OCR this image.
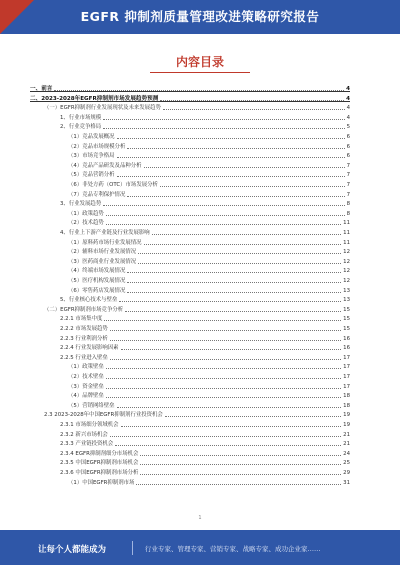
EGFR 抑制剂质量管理改进策略研究报告
内容目录
一、前言	4
二、2023-2028年EGFR抑制剂市场发展趋势预测	4
（一）EGFR抑制剂行业发展现状及未来发展趋势	4
1、行业市场规模	4
2、行业竞争格局	5
（1）竞品发展概况	6
（2）竞品市场规模分析	6
（3）市场竞争格局	6
（4）竞品产品研发及品种分析	7
（5）竞品营销分析	7
（6）非处方药（OTC）市场发展分析	7
（7）竞品专利保护情况	7
3、行业发展趋势	8
（1）政策趋势	8
（2）技术趋势	11
4、行业上下游产业链及行业发展影响	11
（1）原料药市场行业发展情况	11
（2）辅料市场行业发展情况	12
（3）医药商业行业发展情况	12
（4）终端市场发展情况	12
（5）医疗机构发展情况	12
（6）零售药店发展情况	13
5、行业核心技术与壁垒	13
（二）EGFR抑制剂市场竞争分析	15
2.2.1 市场集中度	15
2.2.2 市场发展趋势	15
2.2.3 行业利润分析	16
2.2.4 行业发展影响因素	16
2.2.5 行业进入壁垒	17
（1）政策壁垒	17
（2）技术壁垒	17
（3）资金壁垒	17
（4）品牌壁垒	18
（5）营销网络壁垒	18
2.3 2023-2028年中国EGFR抑制剂行业投资机会	19
2.3.1 市场细分领域机会	19
2.3.2 新兴市场机会	21
2.3.3 产业链投资机会	21
2.3.4 EGFR抑制剂细分市场机会	24
2.3.5 中国EGFR抑制剂市场机会	25
2.3.6 中国EGFR抑制剂市场分析	29
（1）中国EGFR抑制剂市场	31
1
让每个人都能成为	行业专家、管理专家、营销专家、战略专家、成功企业家……
